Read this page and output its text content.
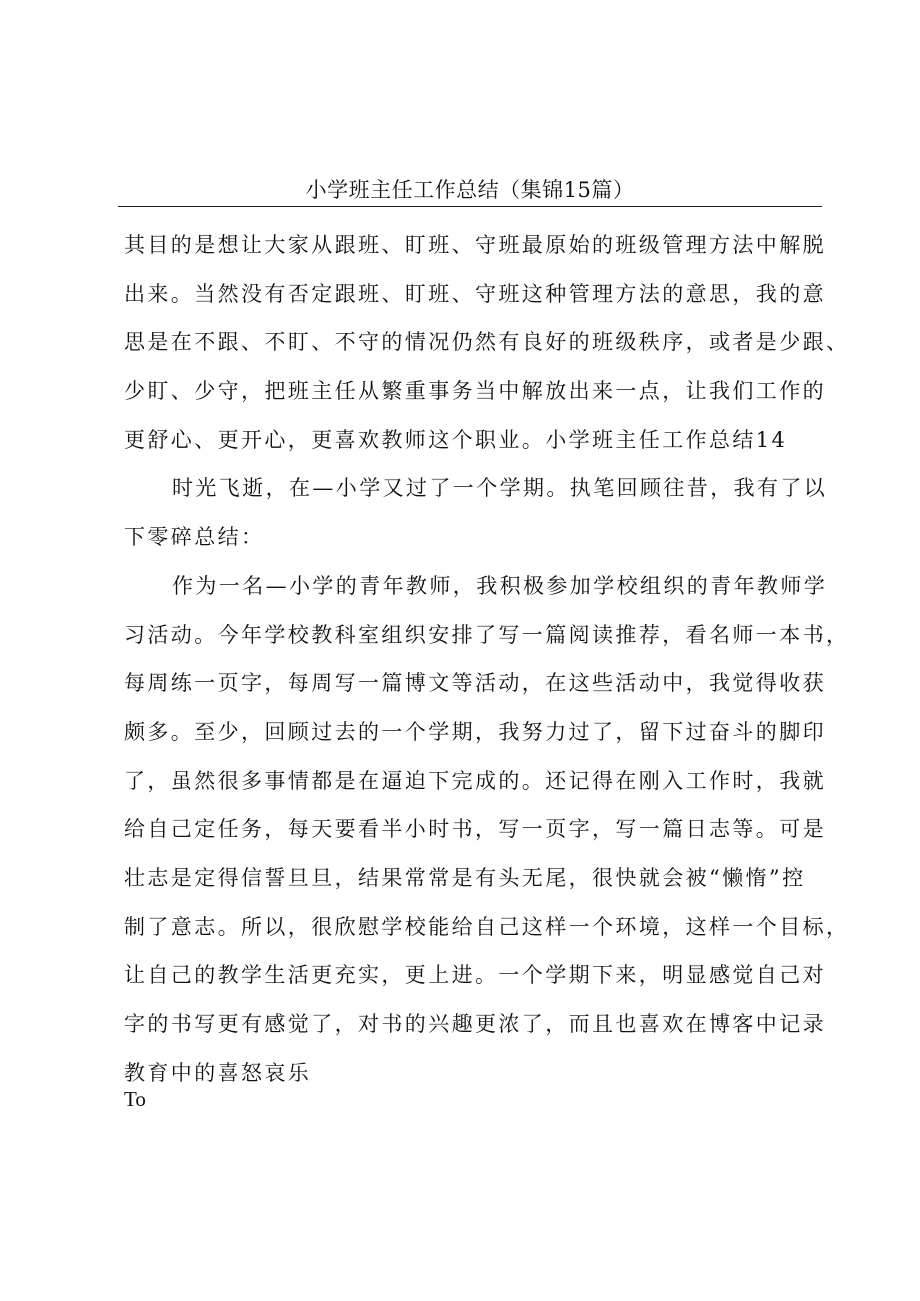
小学班主任工作总结（集锦15篇）
其目的是想让大家从跟班、盯班、守班最原始的班级管理方法中解脱
出来。当然没有否定跟班、盯班、守班这种管理方法的意思，我的意
思是在不跟、不盯、不守的情况仍然有良好的班级秩序，或者是少跟、
少盯、少守，把班主任从繁重事务当中解放出来一点，让我们工作的
更舒心、更开心，更喜欢教师这个职业。小学班主任工作总结14
时光飞逝，在—小学又过了一个学期。执笔回顾往昔，我有了以
下零碎总结：
作为一名—小学的青年教师，我积极参加学校组织的青年教师学
习活动。今年学校教科室组织安排了写一篇阅读推荐，看名师一本书，
每周练一页字，每周写一篇博文等活动，在这些活动中，我觉得收获
颇多。至少，回顾过去的一个学期，我努力过了，留下过奋斗的脚印
了，虽然很多事情都是在逼迫下完成的。还记得在刚入工作时，我就
给自己定任务，每天要看半小时书，写一页字，写一篇日志等。可是
壮志是定得信誓旦旦，结果常常是有头无尾，很快就会被“懒惰”控
制了意志。所以，很欣慰学校能给自己这样一个环境，这样一个目标，
让自己的教学生活更充实，更上进。一个学期下来，明显感觉自己对
字的书写更有感觉了，对书的兴趣更浓了，而且也喜欢在博客中记录
教育中的喜怒哀乐
To
